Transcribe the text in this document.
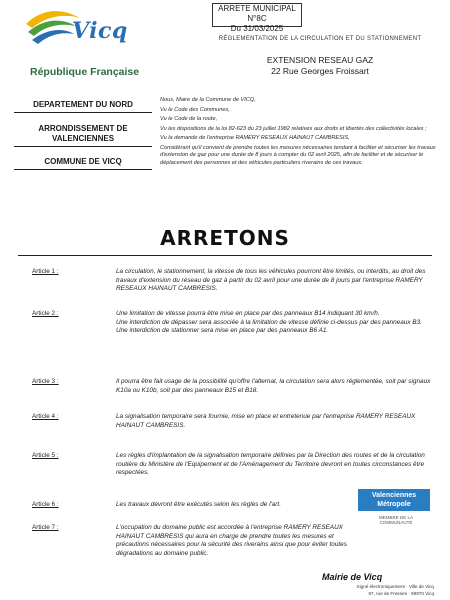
Vicq
République Française
ARRETE MUNICIPAL N°8C
Du 31/03/2025
RÉGLEMENTATION DE LA CIRCULATION ET DU STATIONNEMENT
EXTENSION RESEAU GAZ
22 Rue Georges Froissart
DEPARTEMENT DU NORD
ARRONDISSEMENT DE VALENCIENNES
COMMUNE DE VICQ

Nous, Maire de la Commune de VICQ,

Vu le Code des Communes,

Vu le Code de la route,

Vu les dispositions de la loi 82-623 du 23 juillet 1982 relatives aux droits et libertés des collectivités locales ;

Vu la demande de l'entreprise RAMERY RESEAUX HAINAUT CAMBRESIS,

Considérant qu'il convient de prendre toutes les mesures nécessaires tendant à faciliter et sécuriser les travaux d'extension de gaz pour une durée de 8 jours à compter du 02 avril 2025, afin de faciliter et de sécuriser le déplacement des personnes et des véhicules particuliers riverains de ces travaux.

ARRETONS
Article 1 :	La circulation, le stationnement, la vitesse de tous les véhicules pourront être limités, ou interdits, au droit des travaux d'extension du réseau de gaz à partir du 02 avril pour une durée de 8 jours par l'entreprise RAMERY RESEAUX HAINAUT CAMBRESIS.

Article 2 :	Une limitation de vitesse pourra être mise en place par des panneaux B14 indiquant 30 km/h.

Une interdiction de dépasser sera associée à la limitation de vitesse définie ci-dessus par des panneaux B3.

Une interdiction de stationner sera mise en place par des panneaux B6 A1.

Article 3 :	Il pourra être fait usage de la possibilité qu'offre l'alternat, la circulation sera alors réglementée, soit par signaux K10a ou K10b, soit par des panneaux B15 et B18.

Article 4 :	La signalisation temporaire sera fournie, mise en place et entretenue par l'entreprise RAMERY RESEAUX HAINAUT CAMBRESIS.

Article 5 :	Les règles d'implantation de la signalisation temporaire définies par la Direction des routes et de la circulation routière du Ministère de l'Equipement et de l'Aménagement du Territoire devront en toutes circonstances être respectées.

Article 6 :	Les travaux devront être exécutés selon les règles de l'art.

Article 7 :	L'occupation du domaine public est accordée à l'entreprise RAMERY RESEAUX HAINAUT CAMBRESIS qui aura en charge de prendre toutes les mesures et précautions nécessaires pour la sécurité des riverains ainsi que pour éviter toutes dégradations au domaine public.

Valenciennes
Métropole
MEMBRE DE LA COMMUNAUTÉ
Mairie de Vicq
Signé électroniquement · Ville de Vicq
97, rue de Fresnes · 59970 Vicq
